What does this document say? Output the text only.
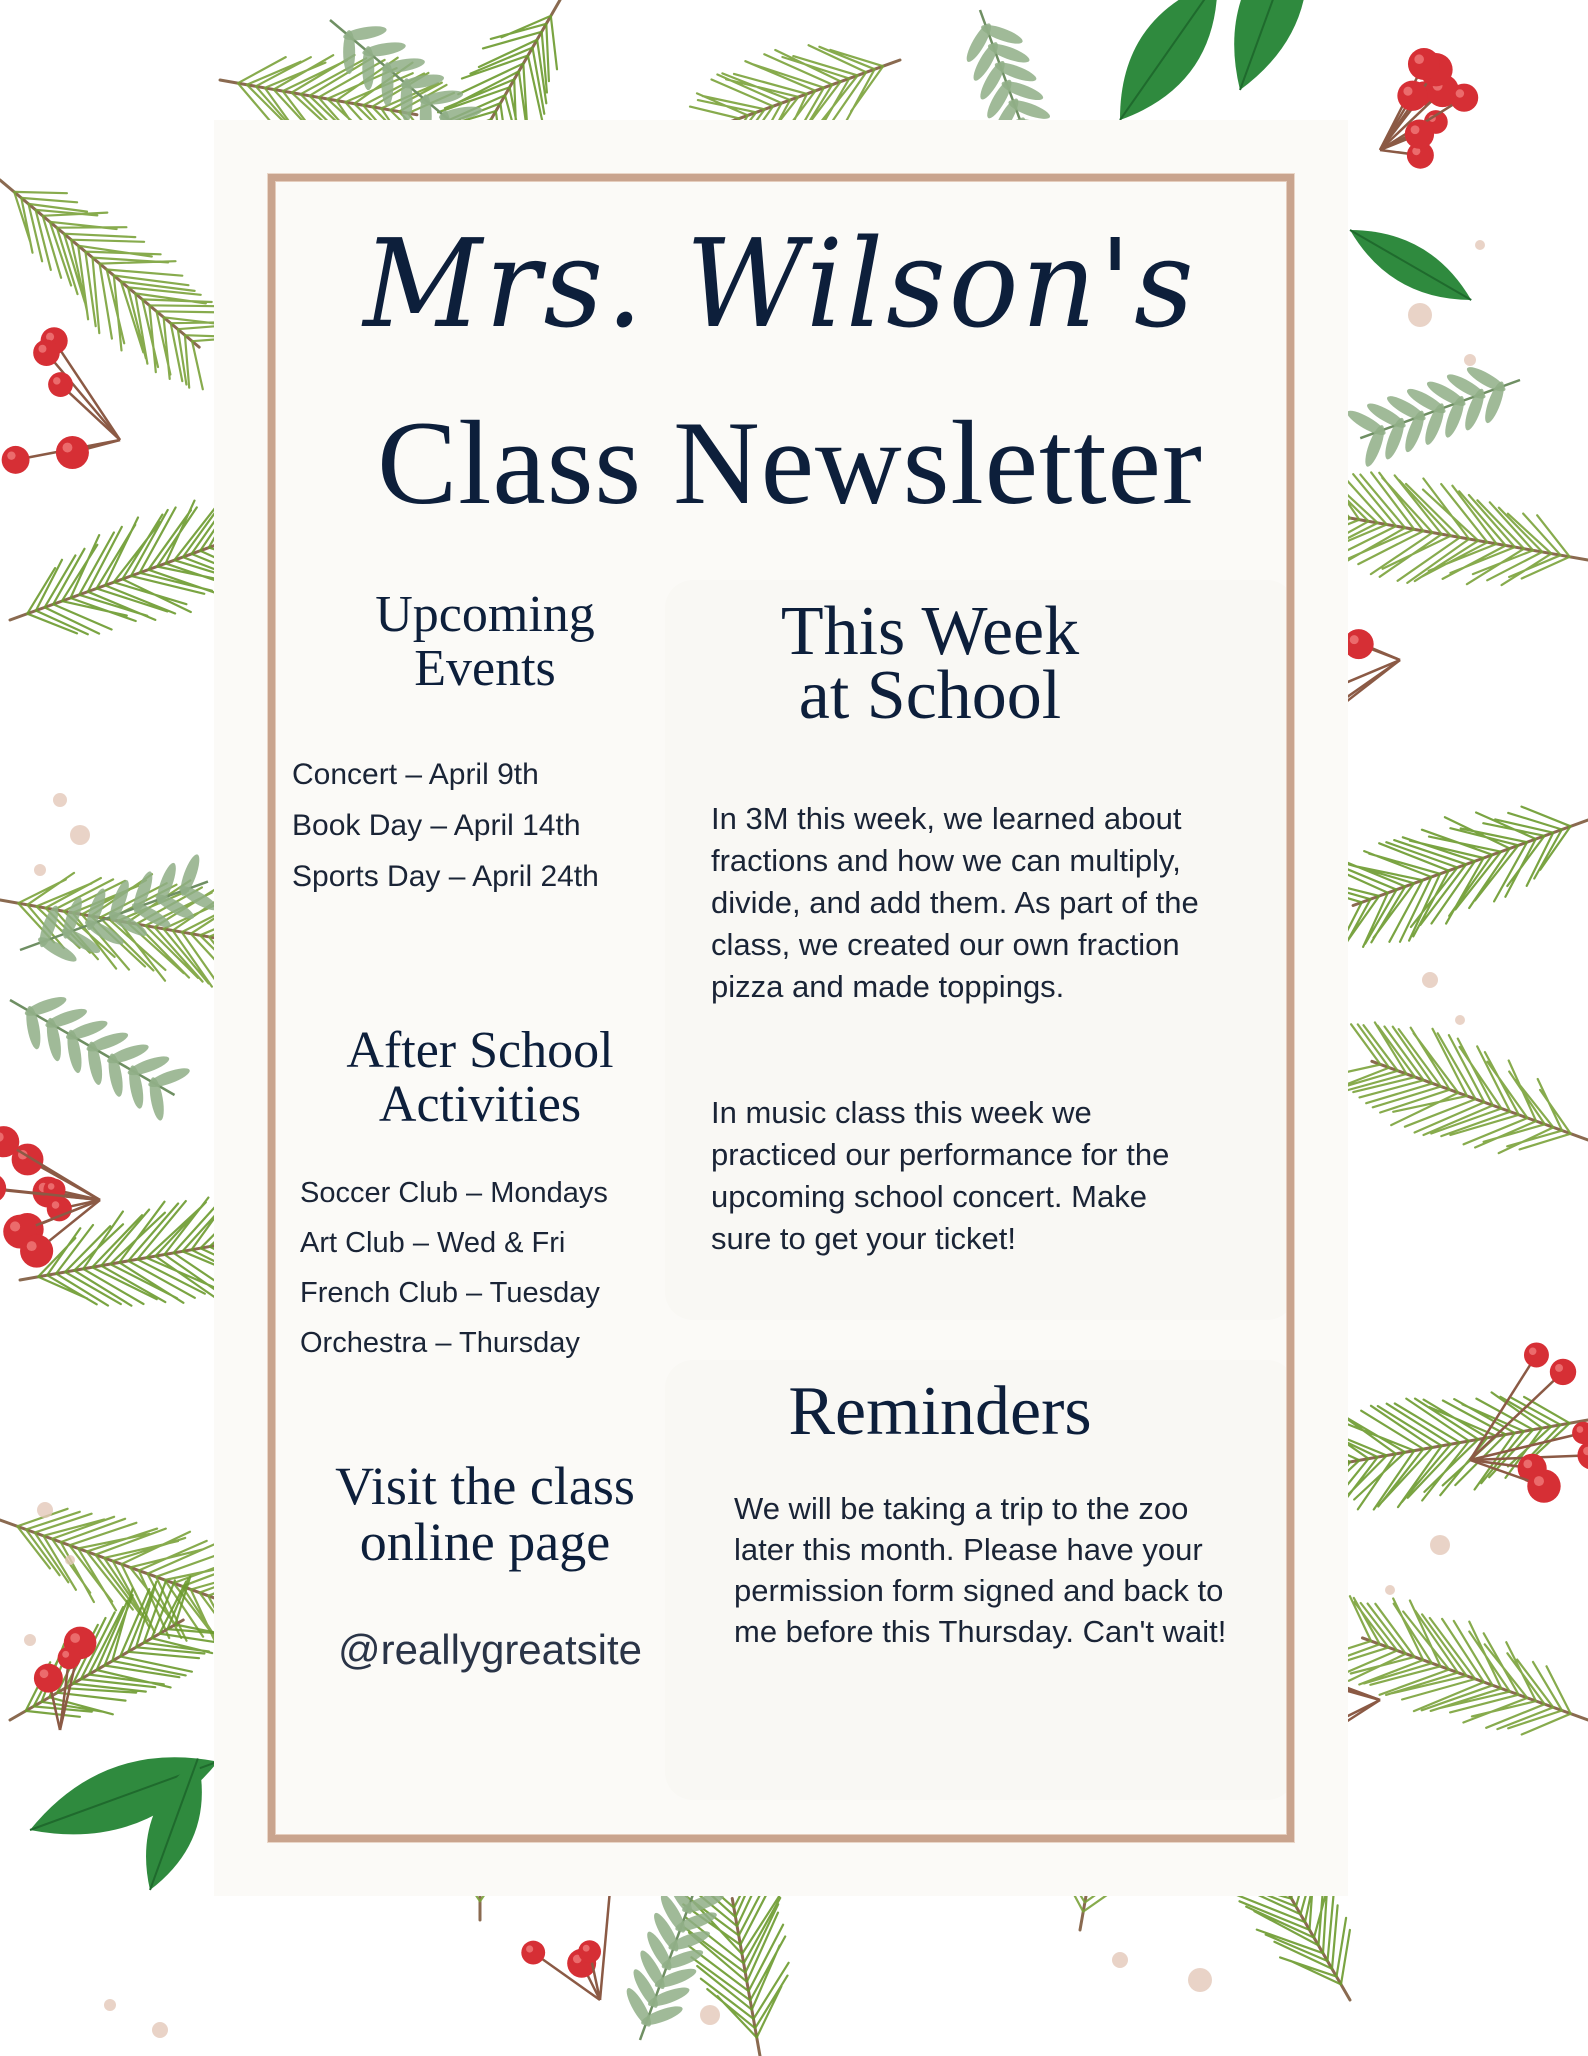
Mrs. Wilson's
Class Newsletter
Upcoming
Events
Concert – April 9th
Book Day – April 14th
Sports Day – April 24th
After School
Activities
Soccer Club – Mondays
Art Club – Wed & Fri
French Club – Tuesday
Orchestra – Thursday
Visit the class
online page
@reallygreatsite
This Week
at School

In 3M this week, we learned about fractions and how we can multiply, divide, and add them. As part of the class, we created our own fraction pizza and made toppings.

In music class this week we practiced our performance for the upcoming school concert. Make sure to get your ticket!

Reminders

We will be taking a trip to the zoo later this month. Please have your permission form signed and back to me before this Thursday. Can't wait!
